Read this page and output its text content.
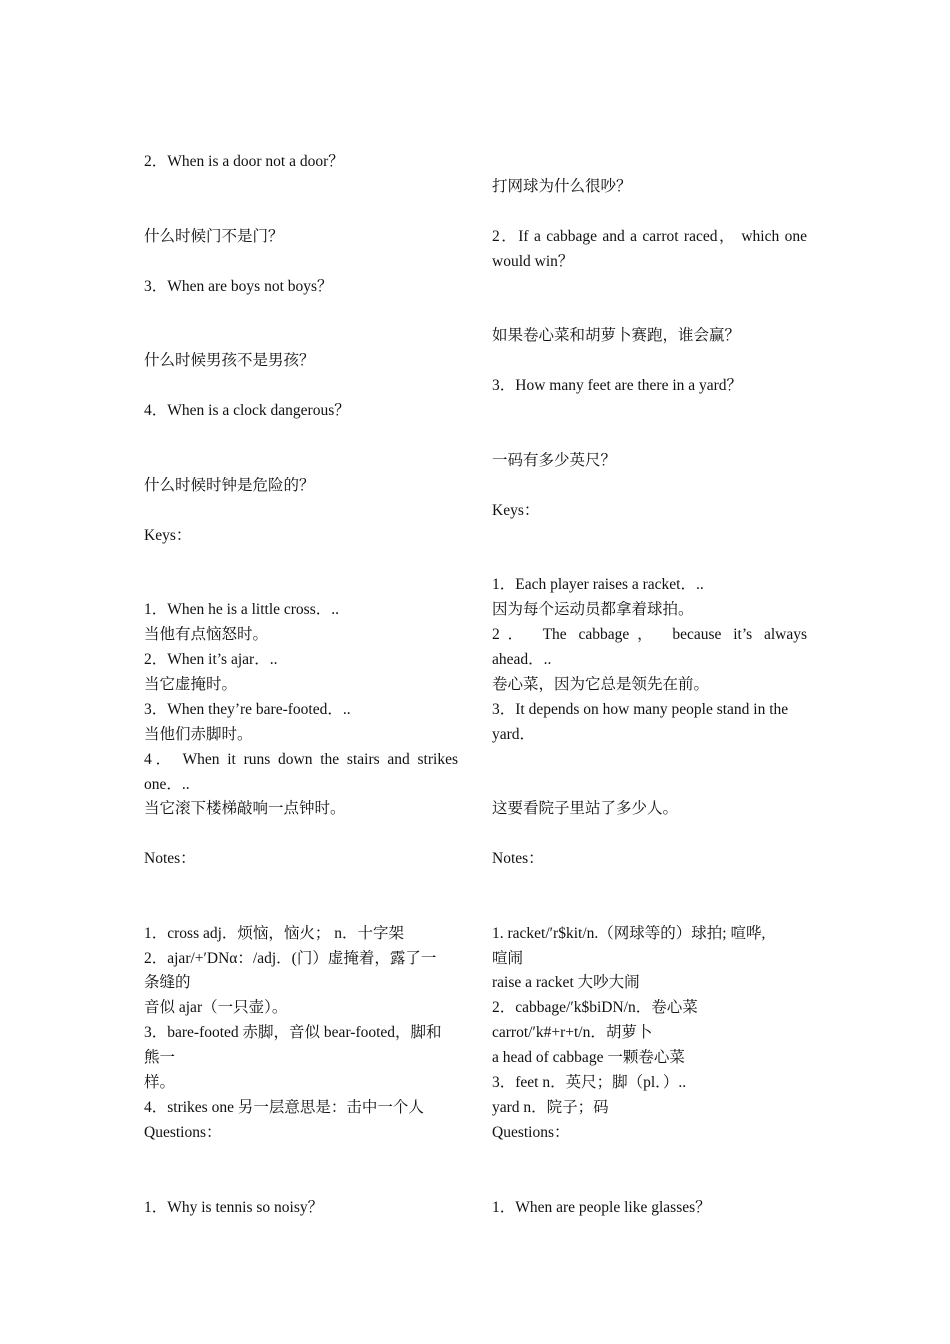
2．When is a door not a door？
什么时候门不是门？
3．When are boys not boys？
什么时候男孩不是男孩？
4．When is a clock dangerous？
什么时候时钟是危险的？
Keys：
1．When he is a little cross．..
当他有点恼怒时。
2．When it’s ajar．..
当它虚掩时。
3．When they’re bare-footed．..
当他们赤脚时。
4． When it runs down the stairs and strikes
one．..
当它滚下楼梯敲响一点钟时。
Notes：
1．cross adj．烦恼，恼火； n．十字架
2．ajar/+′DNα：/adj．(门）虚掩着，露了一
条缝的
音似 ajar（一只壶）。
3．bare-footed 赤脚，音似 bear-footed，脚和
熊一
样。
4．strikes one 另一层意思是：击中一个人
Questions：
1．Why is tennis so noisy？
打网球为什么很吵？
2．If a cabbage and a carrot raced， which one
would win？
如果卷心菜和胡萝卜赛跑，谁会赢？
3．How many feet are there in a yard？
一码有多少英尺？
Keys：
1．Each player raises a racket．..
因为每个运动员都拿着球拍。
2． The cabbage， because it’s always
ahead．..
卷心菜，因为它总是领先在前。
3．It depends on how many people stand in the
yard．
这要看院子里站了多少人。
Notes：
1. racket/′r$kit/n.（网球等的）球拍; 喧哗,
喧闹
raise a racket 大吵大闹
2．cabbage/′k$biDN/n．卷心菜
carrot/′k#+r+t/n．胡萝卜
a head of cabbage 一颗卷心菜
3．feet n．英尺；脚（pl．）..
yard n．院子；码
Questions：
1．When are people like glasses？
